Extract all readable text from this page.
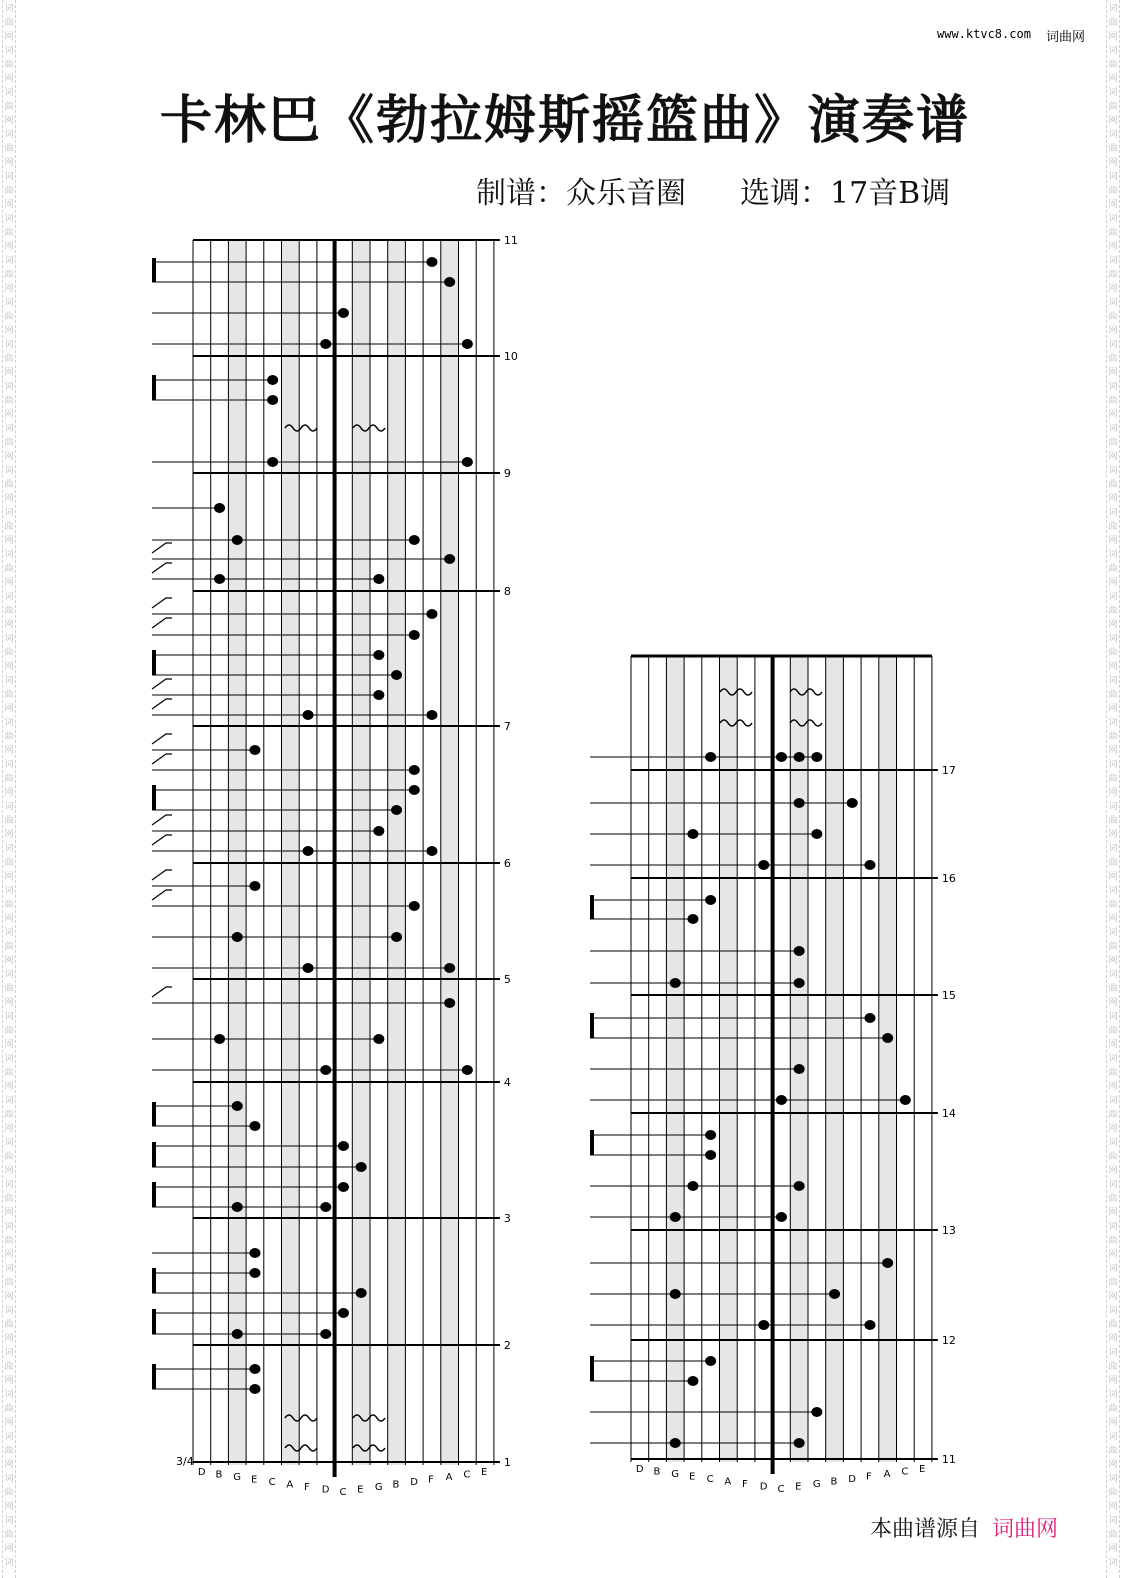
词
曲
网
词
曲
网
词
曲
网
词
曲
网
词
曲
网
词
曲
网
词
曲
网
词
曲
网
词
曲
网
词
曲
网
词
曲
网
词
曲
网
词
曲
网
词
曲
网
词
曲
网
词
曲
网
词
曲
网
词
曲
网
词
曲
网
词
曲
网
词
曲
网
词
曲
网
词
曲
网
词
曲
网
词
曲
网
词
曲
网
词
曲
网
词
曲
网
词
曲
网
词
曲
网
词
曲
网
词
曲
网
词
曲
网
词
曲
网
词
曲
网
词
曲
网
词
曲
网
词
词
曲
网
词
曲
网
词
曲
网
词
曲
网
词
曲
网
词
曲
网
词
曲
网
词
曲
网
词
曲
网
词
曲
网
词
曲
网
词
曲
网
词
曲
网
词
曲
网
词
曲
网
词
曲
网
词
曲
网
词
曲
网
词
曲
网
词
曲
网
词
曲
网
词
曲
网
词
曲
网
词
曲
网
词
曲
网
词
曲
网
词
曲
网
词
曲
网
词
曲
网
词
曲
网
词
曲
网
词
曲
网
词
曲
网
词
曲
网
词
曲
网
词
曲
网
词
曲
网
词
www.ktvc8.com 词曲网
卡林巴《勃拉姆斯摇篮曲》演奏谱
制谱：众乐音圈 选调：17音B调
1
2
3
4
5
6
7
8
9
10
11
D B G E C A F D C E G B D F A C E
11
12
13
14
15
16
17
D B G E C A F D C E G B D F A C E
3/4
本曲谱源自 词曲网
